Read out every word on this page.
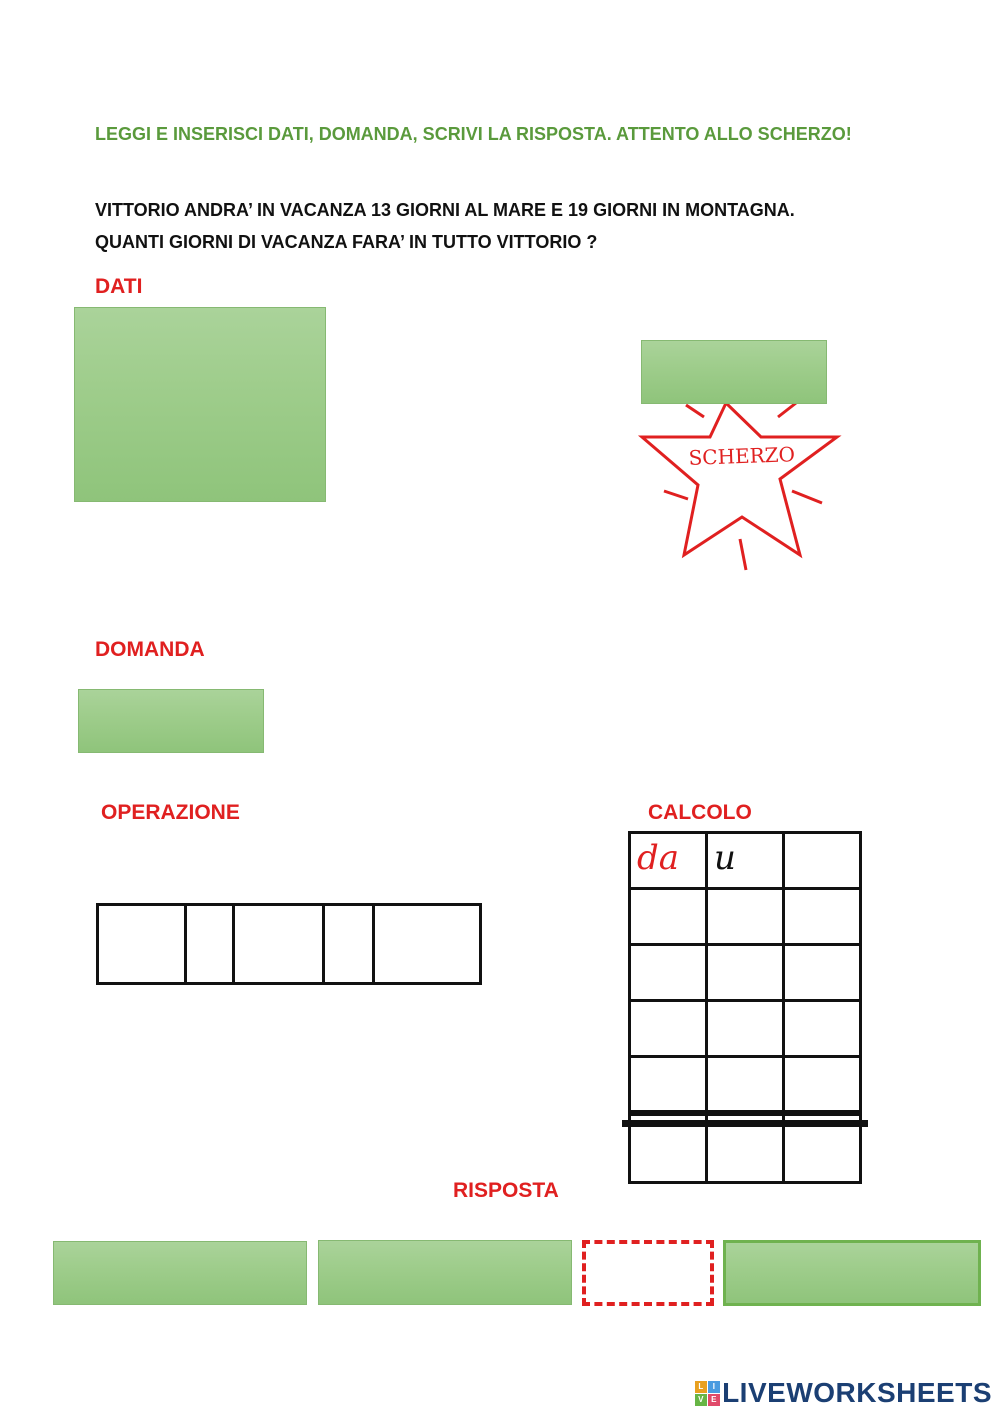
LEGGI E INSERISCI DATI, DOMANDA, SCRIVI LA RISPOSTA. ATTENTO ALLO SCHERZO!

VITTORIO ANDRA’ IN VACANZA 13 GIORNI AL MARE E 19 GIORNI IN MONTAGNA. QUANTI GIORNI DI VACANZA FARA’ IN TUTTO VITTORIO ?

DATI
SCHERZO
DOMANDA
OPERAZIONE	CALCOLO
da	u	

RISPOSTA
L	I
V E LIVEWORKSHEETS
